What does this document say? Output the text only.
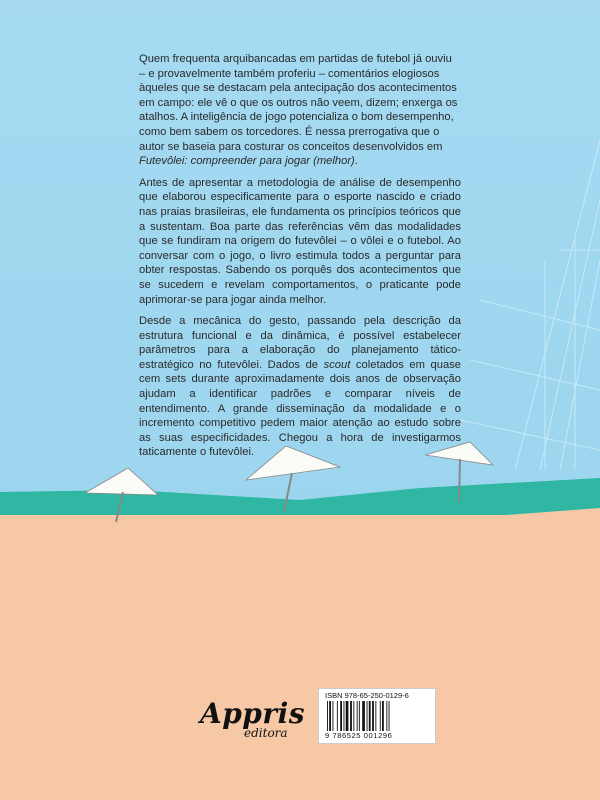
Quem frequenta arquibancadas em partidas de futebol já ouviu – e provavelmente também proferiu – comentários elogiosos àqueles que se destacam pela antecipação dos acontecimentos em campo: ele vê o que os outros não veem, dizem; enxerga os atalhos. A inteligência de jogo potencializa o bom desempenho, como bem sabem os torcedores. É nessa prerrogativa que o autor se baseia para costurar os conceitos desenvolvidos em Futevôlei: compreender para jogar (melhor).

Antes de apresentar a metodologia de análise de desempenho que elaborou especificamente para o esporte nascido e criado nas praias brasileiras, ele fundamenta os princípios teóricos que a sustentam. Boa parte das referências vêm das modalidades que se fundiram na origem do futevôlei – o vôlei e o futebol. Ao conversar com o jogo, o livro estimula todos a perguntar para obter respostas. Sabendo os porquês dos acontecimentos que se sucedem e revelam comportamentos, o praticante pode aprimorar-se para jogar ainda melhor.

Desde a mecânica do gesto, passando pela descrição da estrutura funcional e da dinâmica, é possível estabelecer parâmetros para a elaboração do planejamento tático-estratégico no futevôlei. Dados de scout coletados em quase cem sets durante aproximadamente dois anos de observação ajudam a identificar padrões e comparar níveis de entendimento. A grande disseminação da modalidade e o incremento competitivo pedem maior atenção ao estudo sobre as suas especificidades. Chegou a hora de investigarmos taticamente o futevôlei.

Appris
editora
ISBN 978-65-250-0129-6
9 786525 001296
